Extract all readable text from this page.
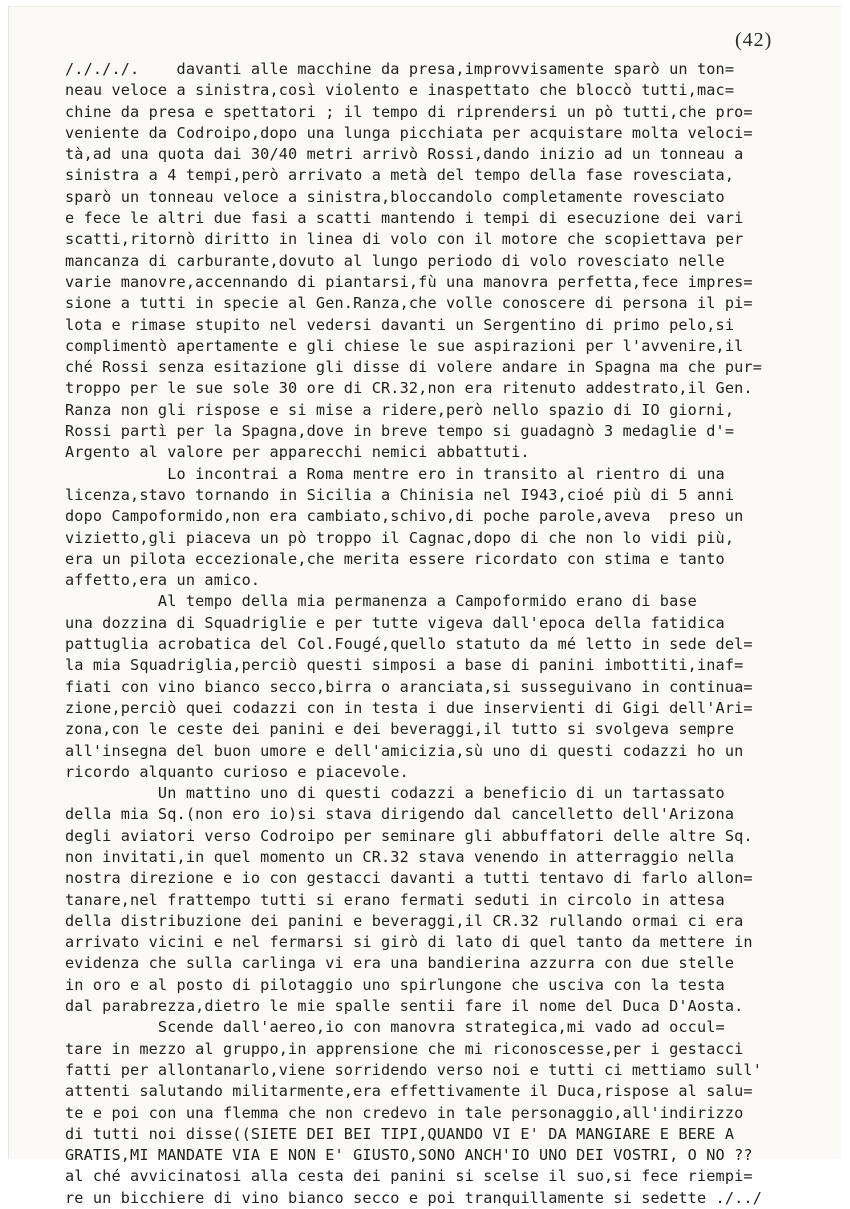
(42)
/./././.    davanti alle macchine da presa,improvvisamente sparò un ton=
neau veloce a sinistra,così violento e inaspettato che bloccò tutti,mac=
chine da presa e spettatori ; il tempo di riprendersi un pò tutti,che pro=
veniente da Codroipo,dopo una lunga picchiata per acquistare molta veloci=
tà,ad una quota dai 30/40 metri arrivò Rossi,dando inizio ad un tonneau a
sinistra a 4 tempi,però arrivato a metà del tempo della fase rovesciata,
sparò un tonneau veloce a sinistra,bloccandolo completamente rovesciato
e fece le altri due fasi a scatti mantendo i tempi di esecuzione dei vari
scatti,ritornò diritto in linea di volo con il motore che scopiettava per
mancanza di carburante,dovuto al lungo periodo di volo rovesciato nelle
varie manovre,accennando di piantarsi,fù una manovra perfetta,fece impres=
sione a tutti in specie al Gen.Ranza,che volle conoscere di persona il pi=
lota e rimase stupito nel vedersi davanti un Sergentino di primo pelo,si
complimentò apertamente e gli chiese le sue aspirazioni per l'avvenire,il
ché Rossi senza esitazione gli disse di volere andare in Spagna ma che pur=
troppo per le sue sole 30 ore di CR.32,non era ritenuto addestrato,il Gen.
Ranza non gli rispose e si mise a ridere,però nello spazio di IO giorni,
Rossi partì per la Spagna,dove in breve tempo si guadagnò 3 medaglie d'=
Argento al valore per apparecchi nemici abbattuti.
Lo incontrai a Roma mentre ero in transito al rientro di una
licenza,stavo tornando in Sicilia a Chinisia nel I943,cioé più di 5 anni
dopo Campoformido,non era cambiato,schivo,di poche parole,aveva  preso un
vizietto,gli piaceva un pò troppo il Cagnac,dopo di che non lo vidi più,
era un pilota eccezionale,che merita essere ricordato con stima e tanto
affetto,era un amico.
Al tempo della mia permanenza a Campoformido erano di base
una dozzina di Squadriglie e per tutte vigeva dall'epoca della fatidica
pattuglia acrobatica del Col.Fougé,quello statuto da mé letto in sede del=
la mia Squadriglia,perciò questi simposi a base di panini imbottiti,inaf=
fiati con vino bianco secco,birra o aranciata,si susseguivano in continua=
zione,perciò quei codazzi con in testa i due inservienti di Gigi dell'Ari=
zona,con le ceste dei panini e dei beveraggi,il tutto si svolgeva sempre
all'insegna del buon umore e dell'amicizia,sù uno di questi codazzi ho un
ricordo alquanto curioso e piacevole.
Un mattino uno di questi codazzi a beneficio di un tartassato
della mia Sq.(non ero io)si stava dirigendo dal cancelletto dell'Arizona
degli aviatori verso Codroipo per seminare gli abbuffatori delle altre Sq.
non invitati,in quel momento un CR.32 stava venendo in atterraggio nella
nostra direzione e io con gestacci davanti a tutti tentavo di farlo allon=
tanare,nel frattempo tutti si erano fermati seduti in circolo in attesa
della distribuzione dei panini e beveraggi,il CR.32 rullando ormai ci era
arrivato vicini e nel fermarsi si girò di lato di quel tanto da mettere in
evidenza che sulla carlinga vi era una bandierina azzurra con due stelle
in oro e al posto di pilotaggio uno spirlungone che usciva con la testa
dal parabrezza,dietro le mie spalle sentii fare il nome del Duca D'Aosta.
Scende dall'aereo,io con manovra strategica,mi vado ad occul=
tare in mezzo al gruppo,in apprensione che mi riconoscesse,per i gestacci
fatti per allontanarlo,viene sorridendo verso noi e tutti ci mettiamo sull'
attenti salutando militarmente,era effettivamente il Duca,rispose al salu=
te e poi con una flemma che non credevo in tale personaggio,all'indirizzo
di tutti noi disse((SIETE DEI BEI TIPI,QUANDO VI E' DA MANGIARE E BERE A
GRATIS,MI MANDATE VIA E NON E' GIUSTO,SONO ANCH'IO UNO DEI VOSTRI, O NO ??
al ché avvicinatosi alla cesta dei panini si scelse il suo,si fece riempi=
re un bicchiere di vino bianco secco e poi tranquillamente si sedette ./../
